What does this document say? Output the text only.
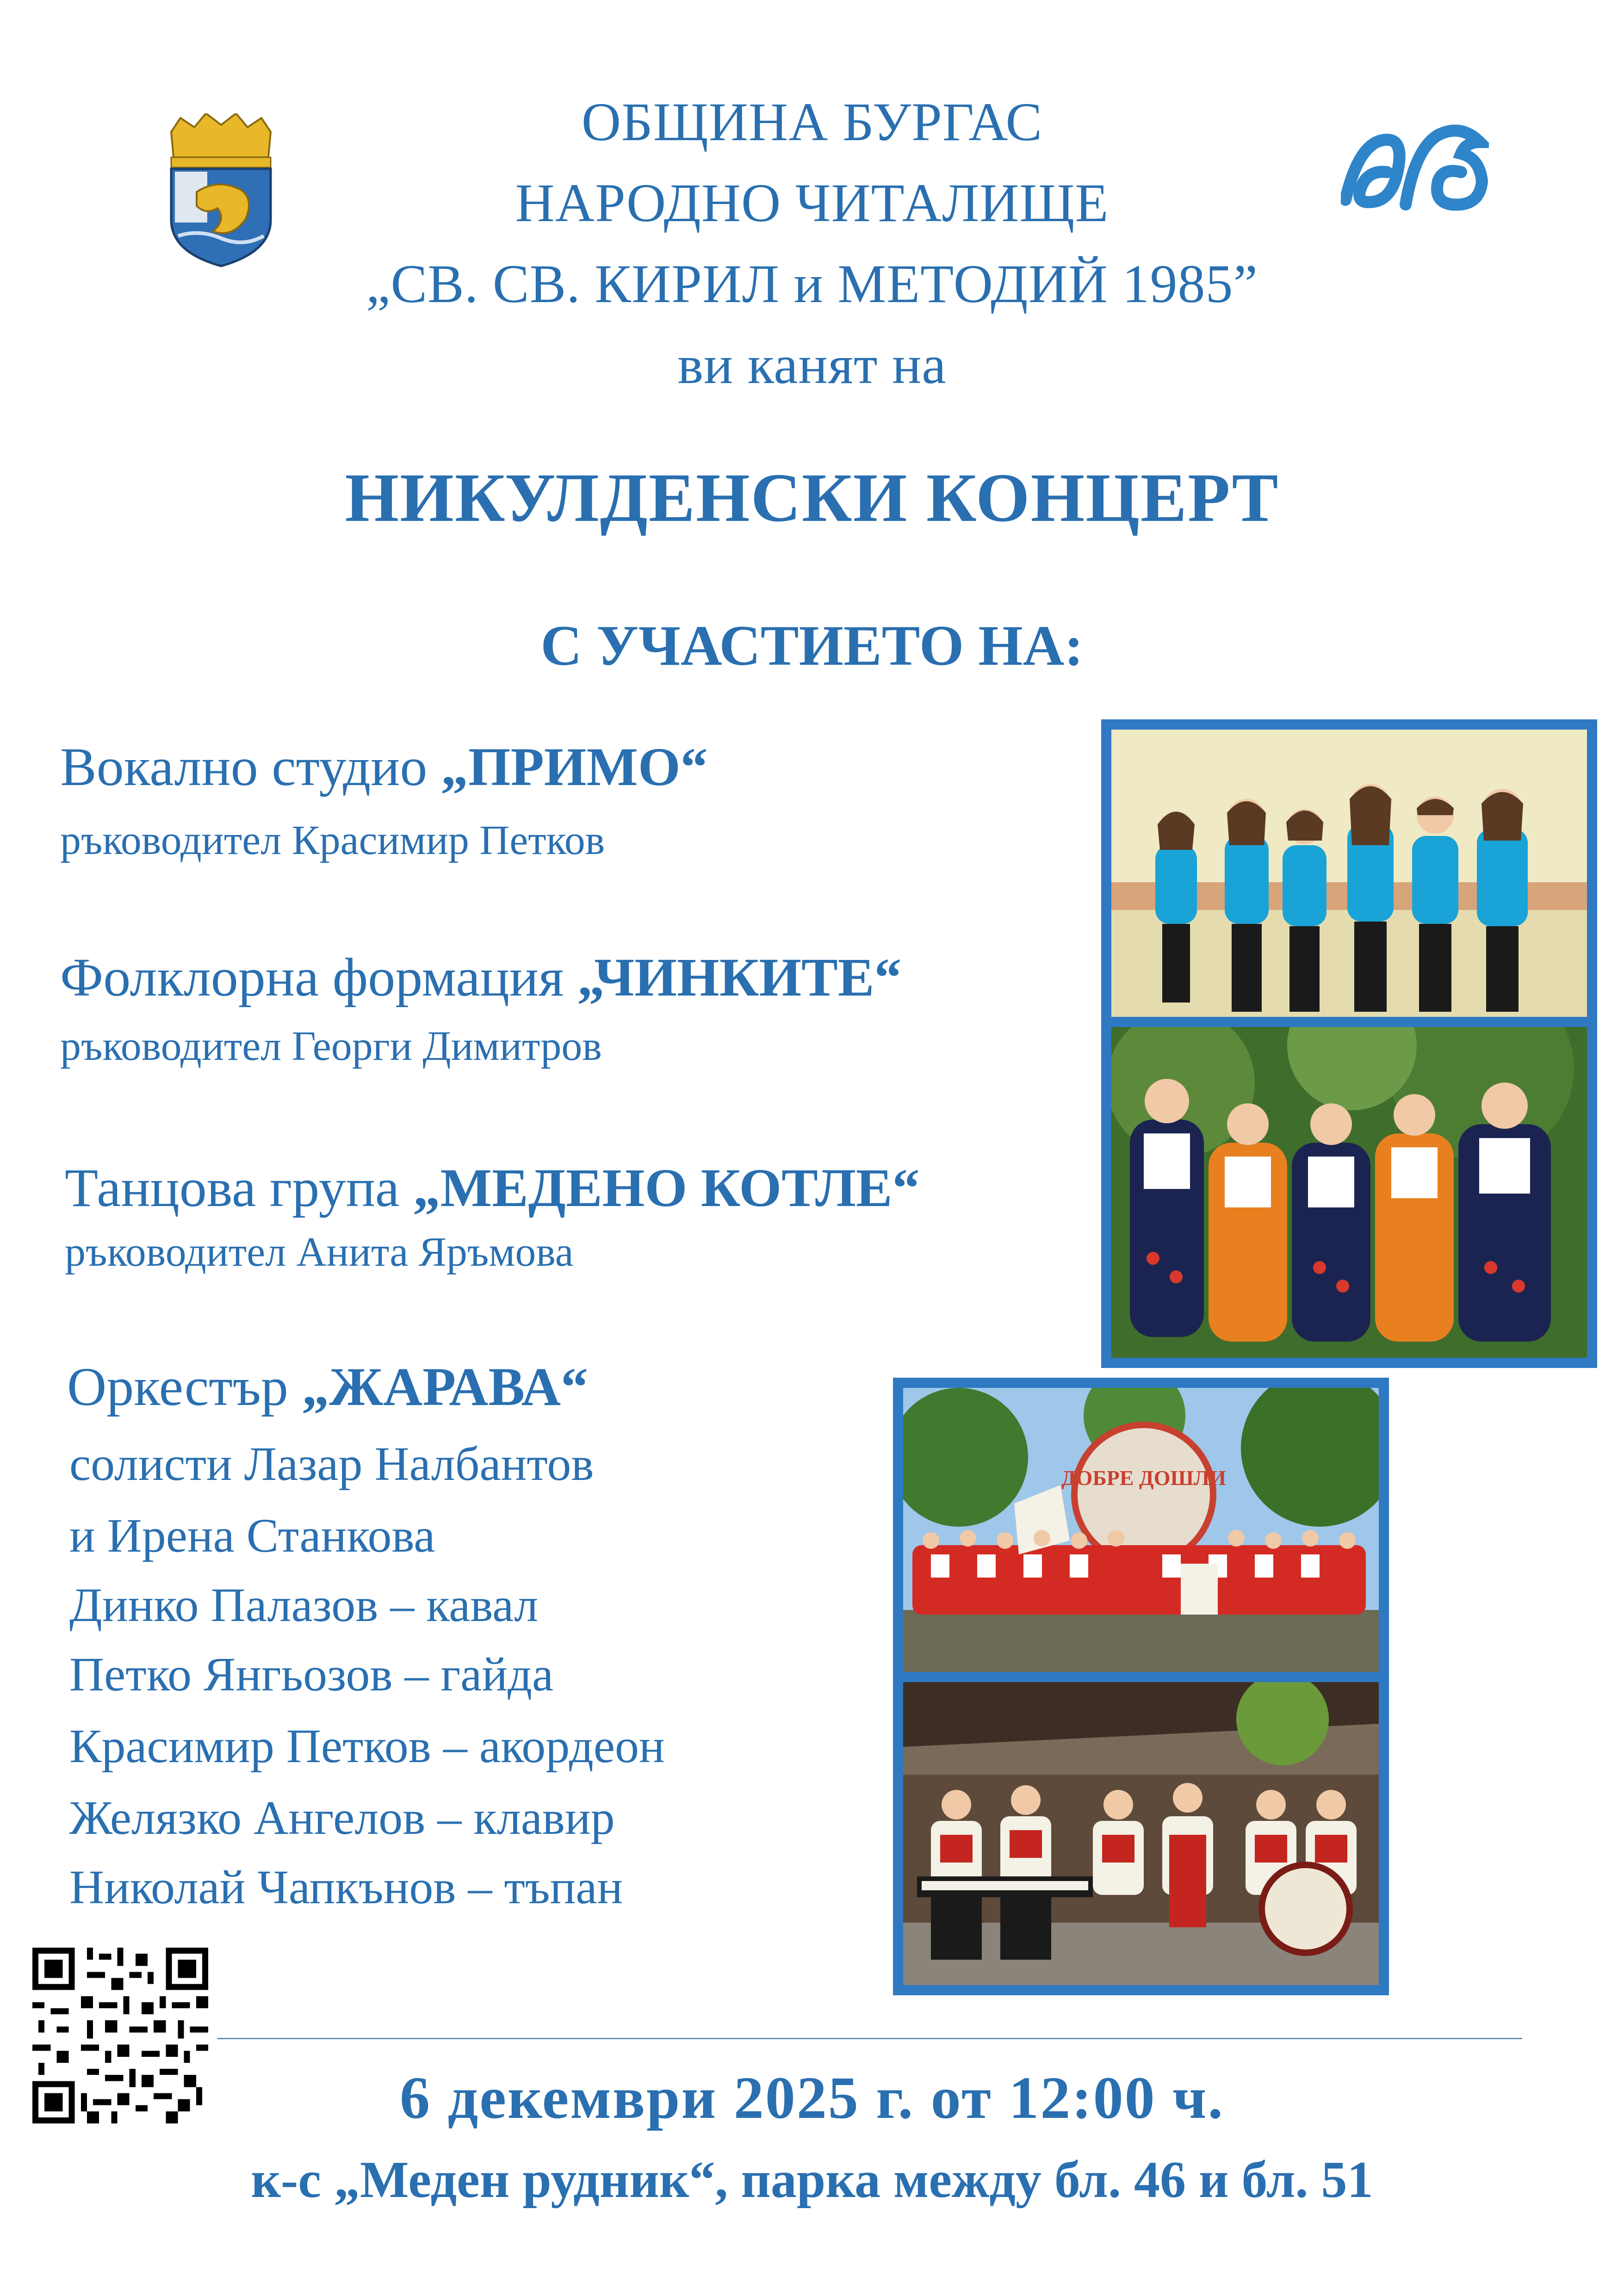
ОБЩИНА БУРГАС
НАРОДНО ЧИТАЛИЩЕ
„СВ. СВ. КИРИЛ и МЕТОДИЙ 1985”
ви канят на
НИКУЛДЕНСКИ КОНЦЕРТ
С УЧАСТИЕТО НА:
Вокално студио „ПРИМО“
ръководител Красимир Петков
Фолклорна формация „ЧИНКИТЕ“
ръководител Георги Димитров
Танцова група „МЕДЕНО КОТЛЕ“
ръководител Анита Яръмова
Оркестър „ЖАРАВА“
солисти Лазар Налбантов
и Ирена Станкова
Динко Палазов – кавал
Петко Янгьозов – гайда
Красимир Петков – акордеон
Желязко Ангелов – клавир
Николай Чапкънов – тъпан
ДОБРЕ ДОШЛИ
6 декември 2025 г. от 12:00 ч.
к-с „Меден рудник“, парка между бл. 46 и бл. 51
